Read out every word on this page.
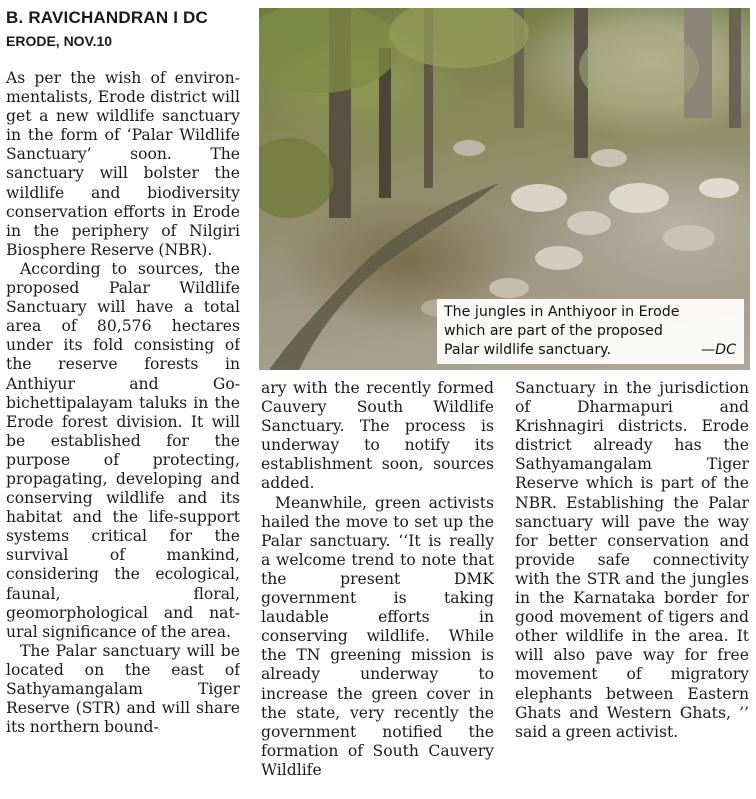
B. RAVICHANDRAN I DC
ERODE, NOV.10
The jungles in Anthiyoor in Erode
which are part of the proposed
—DC
Palar wildlife sanctuary.

As per the wish of environmentalists, Erode district will get a new wildlife sanctuary in the form of ‘Palar Wildlife Sanctuary’ soon. The sanctuary will bolster the wildlife and biodiversity conservation efforts in Erode in the periphery of Nilgiri Biosphere Reserve (NBR).

According to sources, the proposed Palar Wildlife Sanctuary will have a total area of 80,576 hectares under its fold consisting of the reserve forests in Anthiyur and Gobichettipalayam taluks in the Erode forest division. It will be established for the purpose of protecting, propagating, developing and conserving wildlife and its habitat and the life-support systems critical for the survival of mankind, considering the ecological, faunal, floral, geomorphological and natural significance of the area.

The Palar sanctuary will be located on the east of Sathyamangalam Tiger Reserve (STR) and will share its northern bound-

ary with the recently formed Cauvery South Wildlife Sanctuary. The process is underway to notify its establishment soon, sources added.

Meanwhile, green activists hailed the move to set up the Palar sanctuary. ‘‘It is really a welcome trend to note that the present DMK government is taking laudable efforts in conserving wildlife. While the TN greening mission is already underway to increase the green cover in the state, very recently the government notified the formation of South Cauvery Wildlife

Sanctuary in the jurisdiction of Dharmapuri and Krishnagiri districts. Erode district already has the Sathyamangalam Tiger Reserve which is part of the NBR. Establishing the Palar sanctuary will pave the way for better conservation and provide safe connectivity with the STR and the jungles in the Karnataka border for good movement of tigers and other wildlife in the area. It will also pave way for free movement of migratory elephants between Eastern Ghats and Western Ghats, ’’ said a green activist.
